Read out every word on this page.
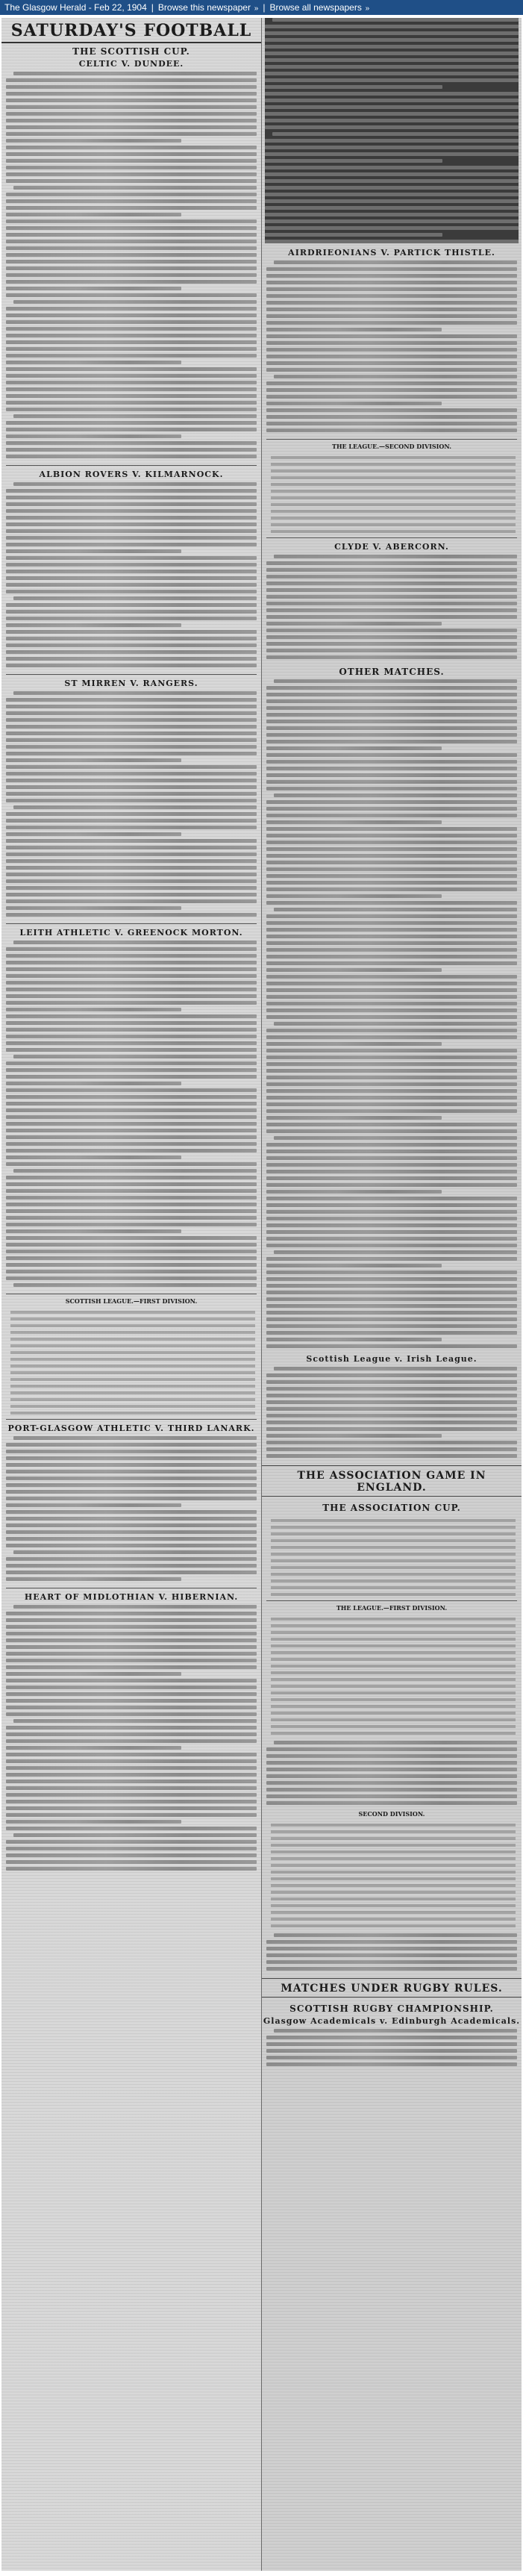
The Glasgow Herald - Feb 22, 1904 | Browse this newspaper » | Browse all newspapers »
SATURDAY'S FOOTBALL
THE SCOTTISH CUP.
CELTIC V. DUNDEE.
ALBION ROVERS V. KILMARNOCK.
ST MIRREN V. RANGERS.
LEITH ATHLETIC V. GREENOCK MORTON.
SCOTTISH LEAGUE.—FIRST DIVISION.
PORT-GLASGOW ATHLETIC V. THIRD LANARK.
HEART OF MIDLOTHIAN V. HIBERNIAN.
AIRDRIEONIANS V. PARTICK THISTLE.
THE LEAGUE.—SECOND DIVISION.
CLYDE V. ABERCORN.
OTHER MATCHES.
Scottish League v. Irish League.
THE ASSOCIATION GAME IN ENGLAND.
THE ASSOCIATION CUP.
THE LEAGUE.—FIRST DIVISION.
SECOND DIVISION.
MATCHES UNDER RUGBY RULES.
SCOTTISH RUGBY CHAMPIONSHIP.
Glasgow Academicals v. Edinburgh Academicals.
